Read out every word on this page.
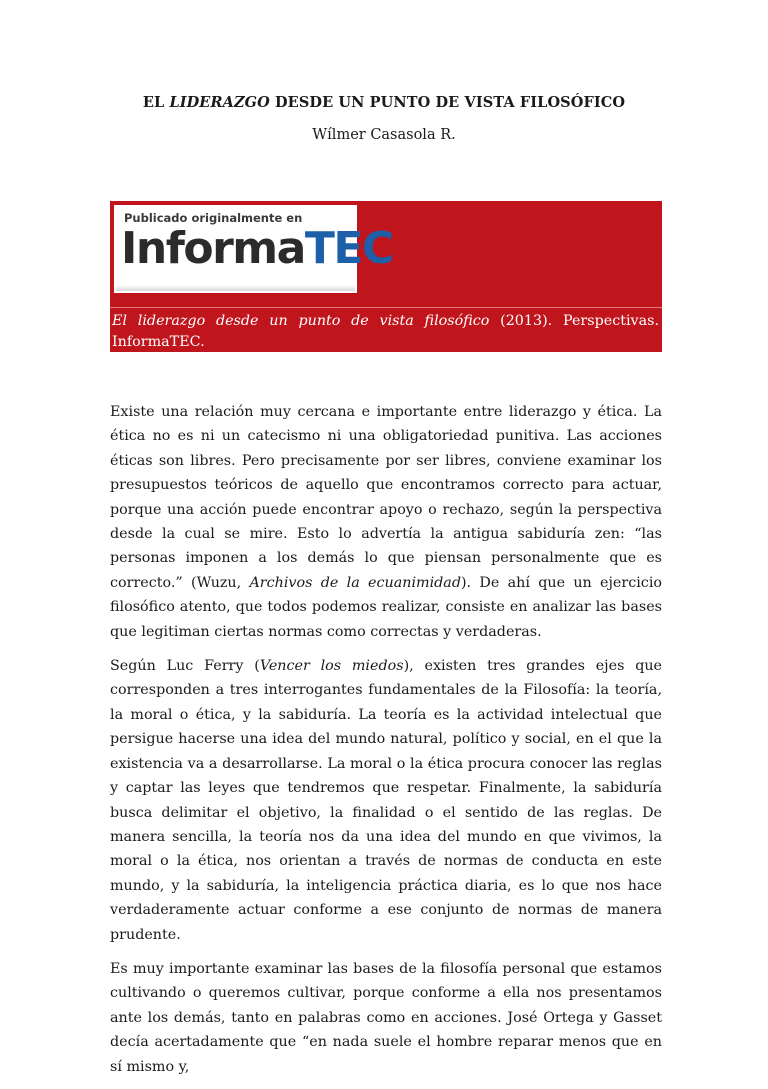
EL LIDERAZGO DESDE UN PUNTO DE VISTA FILOSÓFICO
Wílmer Casasola R.
Publicado originalmente en
InformaTEC
El liderazgo desde un punto de vista filosófico (2013). Perspectivas. InformaTEC.
Publicación del Instituto Tecnológico de Costa Rica. Nº 330

Existe una relación muy cercana e importante entre liderazgo y ética. La ética no es ni un catecismo ni una obligatoriedad punitiva. Las acciones éticas son libres. Pero precisamente por ser libres, conviene examinar los presupuestos teóricos de aquello que encontramos correcto para actuar, porque una acción puede encontrar apoyo o rechazo, según la perspectiva desde la cual se mire. Esto lo advertía la antigua sabiduría zen: “las personas imponen a los demás lo que piensan personalmente que es correcto.” (Wuzu, Archivos de la ecuanimidad). De ahí que un ejercicio filosófico atento, que todos podemos realizar, consiste en analizar las bases que legitiman ciertas normas como correctas y verdaderas.

Según Luc Ferry (Vencer los miedos), existen tres grandes ejes que corresponden a tres interrogantes fundamentales de la Filosofía: la teoría, la moral o ética, y la sabiduría. La teoría es la actividad intelectual que persigue hacerse una idea del mundo natural, político y social, en el que la existencia va a desarrollarse. La moral o la ética procura conocer las reglas y captar las leyes que tendremos que respetar. Finalmente, la sabiduría busca delimitar el objetivo, la finalidad o el sentido de las reglas. De manera sencilla, la teoría nos da una idea del mundo en que vivimos, la moral o la ética, nos orientan a través de normas de conducta en este mundo, y la sabiduría, la inteligencia práctica diaria, es lo que nos hace verdaderamente actuar conforme a ese conjunto de normas de manera prudente.

Es muy importante examinar las bases de la filosofía personal que estamos cultivando o queremos cultivar, porque conforme a ella nos presentamos ante los demás, tanto en palabras como en acciones. José Ortega y Gasset decía acertadamente que “en nada suele el hombre reparar menos que en sí mismo y,
